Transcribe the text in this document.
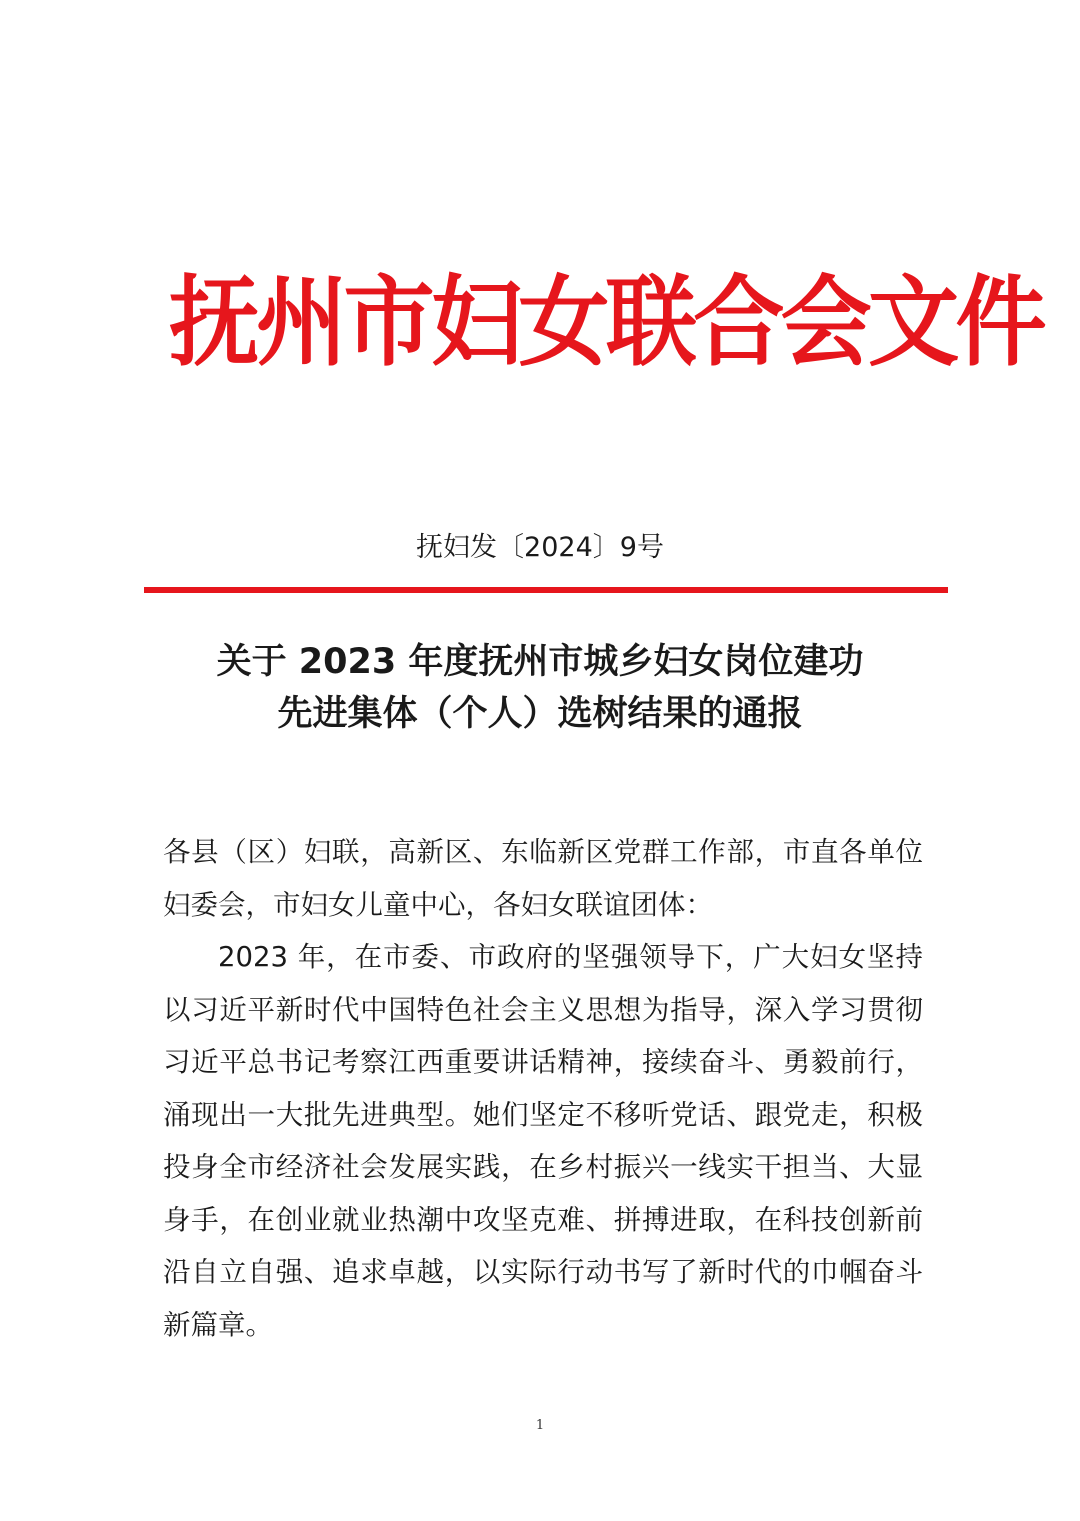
抚州市妇女联合会文件
抚妇发〔2024〕9号
关于 2023 年度抚州市城乡妇女岗位建功
先进集体（个人）选树结果的通报

各县（区）妇联，高新区、东临新区党群工作部，市直各单位妇委会，市妇女儿童中心，各妇女联谊团体：

2023 年，在市委、市政府的坚强领导下，广大妇女坚持以习近平新时代中国特色社会主义思想为指导，深入学习贯彻习近平总书记考察江西重要讲话精神，接续奋斗、勇毅前行，涌现出一大批先进典型。她们坚定不移听党话、跟党走，积极投身全市经济社会发展实践，在乡村振兴一线实干担当、大显身手，在创业就业热潮中攻坚克难、拼搏进取，在科技创新前沿自立自强、追求卓越，以实际行动书写了新时代的巾帼奋斗新篇章。

1
